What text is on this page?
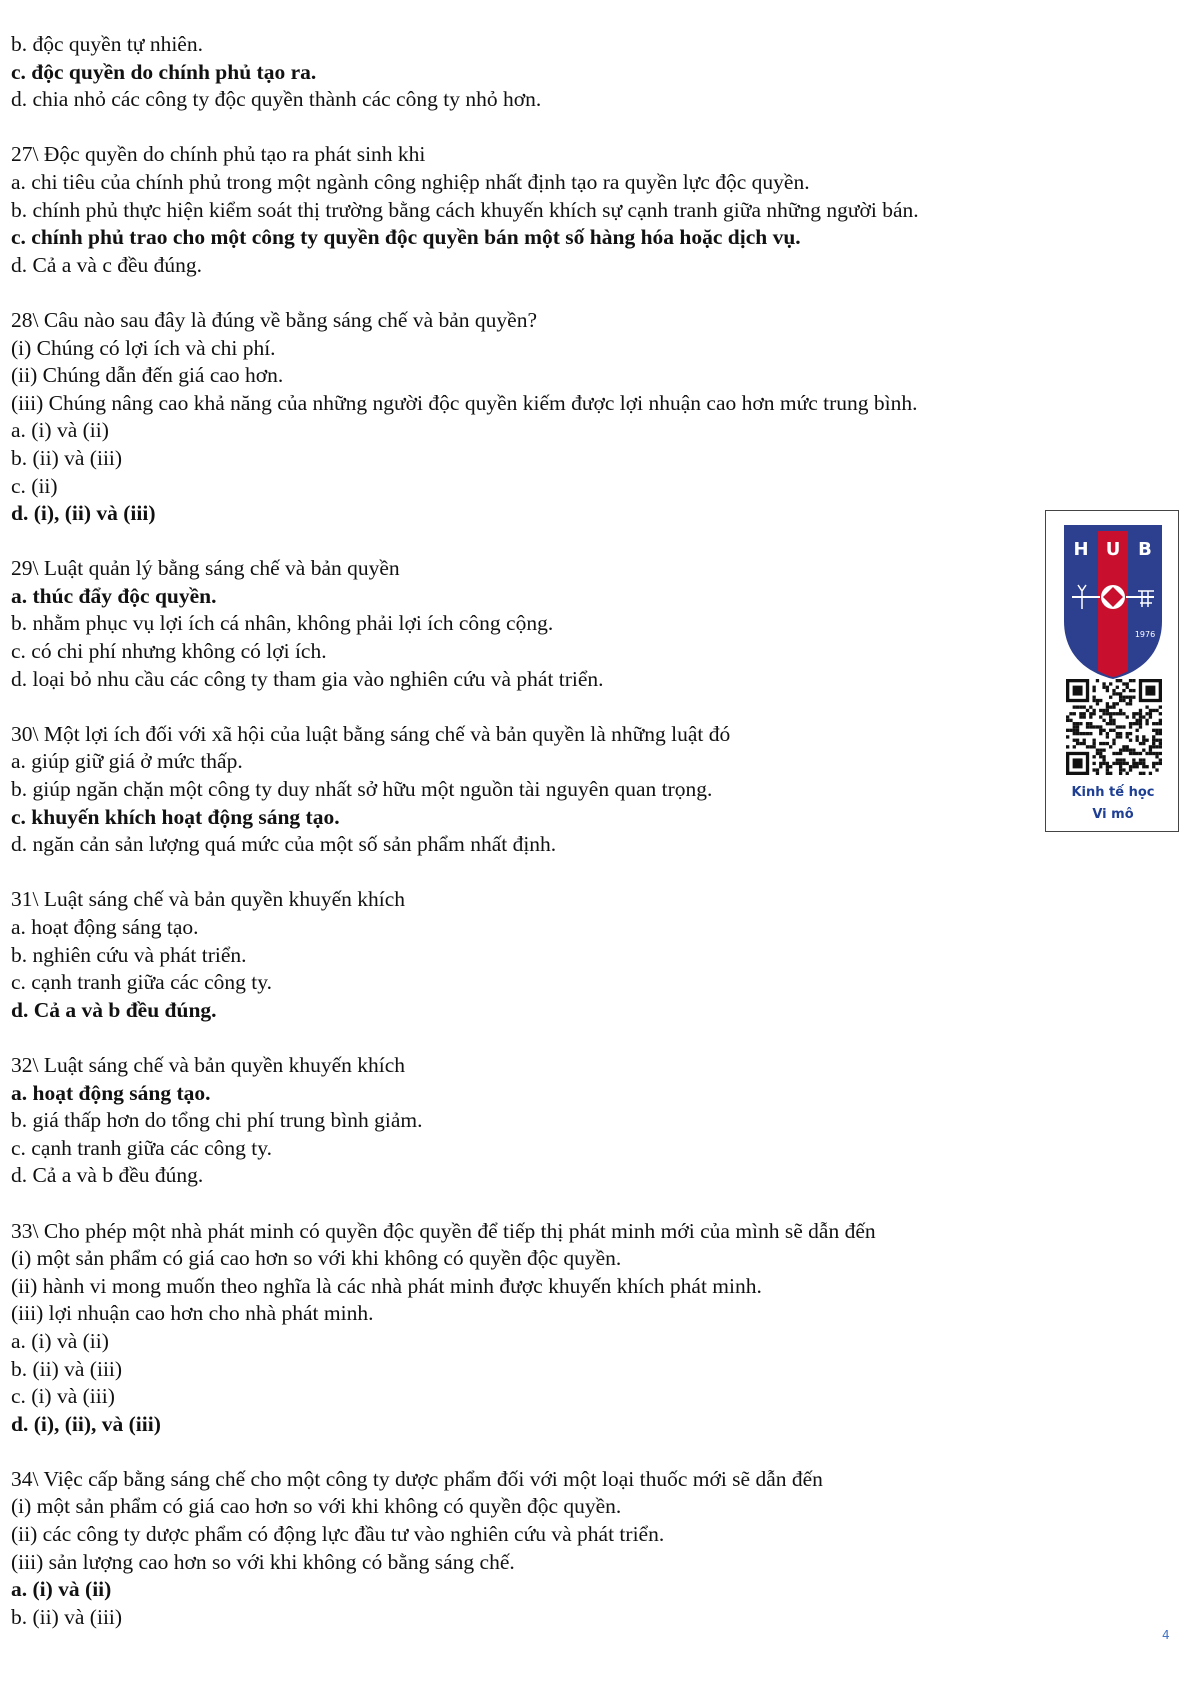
b. độc quyền tự nhiên.
c. độc quyền do chính phủ tạo ra.
d. chia nhỏ các công ty độc quyền thành các công ty nhỏ hơn.
27\ Độc quyền do chính phủ tạo ra phát sinh khi
a. chi tiêu của chính phủ trong một ngành công nghiệp nhất định tạo ra quyền lực độc quyền.
b. chính phủ thực hiện kiểm soát thị trường bằng cách khuyến khích sự cạnh tranh giữa những người bán.
c. chính phủ trao cho một công ty quyền độc quyền bán một số hàng hóa hoặc dịch vụ.
d. Cả a và c đều đúng.
28\ Câu nào sau đây là đúng về bằng sáng chế và bản quyền?
(i) Chúng có lợi ích và chi phí.
(ii) Chúng dẫn đến giá cao hơn.
(iii) Chúng nâng cao khả năng của những người độc quyền kiếm được lợi nhuận cao hơn mức trung bình.
a. (i) và (ii)
b. (ii) và (iii)
c. (ii)
d. (i), (ii) và (iii)
29\ Luật quản lý bằng sáng chế và bản quyền
a. thúc đẩy độc quyền.
b. nhằm phục vụ lợi ích cá nhân, không phải lợi ích công cộng.
c. có chi phí nhưng không có lợi ích.
d. loại bỏ nhu cầu các công ty tham gia vào nghiên cứu và phát triển.
30\ Một lợi ích đối với xã hội của luật bằng sáng chế và bản quyền là những luật đó
a. giúp giữ giá ở mức thấp.
b. giúp ngăn chặn một công ty duy nhất sở hữu một nguồn tài nguyên quan trọng.
c. khuyến khích hoạt động sáng tạo.
d. ngăn cản sản lượng quá mức của một số sản phẩm nhất định.
31\ Luật sáng chế và bản quyền khuyến khích
a. hoạt động sáng tạo.
b. nghiên cứu và phát triển.
c. cạnh tranh giữa các công ty.
d. Cả a và b đều đúng.
32\ Luật sáng chế và bản quyền khuyến khích
a. hoạt động sáng tạo.
b. giá thấp hơn do tổng chi phí trung bình giảm.
c. cạnh tranh giữa các công ty.
d. Cả a và b đều đúng.
33\ Cho phép một nhà phát minh có quyền độc quyền để tiếp thị phát minh mới của mình sẽ dẫn đến
(i) một sản phẩm có giá cao hơn so với khi không có quyền độc quyền.
(ii) hành vi mong muốn theo nghĩa là các nhà phát minh được khuyến khích phát minh.
(iii) lợi nhuận cao hơn cho nhà phát minh.
a. (i) và (ii)
b. (ii) và (iii)
c. (i) và (iii)
d. (i), (ii), và (iii)
34\ Việc cấp bằng sáng chế cho một công ty dược phẩm đối với một loại thuốc mới sẽ dẫn đến
(i) một sản phẩm có giá cao hơn so với khi không có quyền độc quyền.
(ii) các công ty dược phẩm có động lực đầu tư vào nghiên cứu và phát triển.
(iii) sản lượng cao hơn so với khi không có bằng sáng chế.
a. (i) và (ii)
b. (ii) và (iii)
H U B
1976
Kinh tế học
Vi mô
4
